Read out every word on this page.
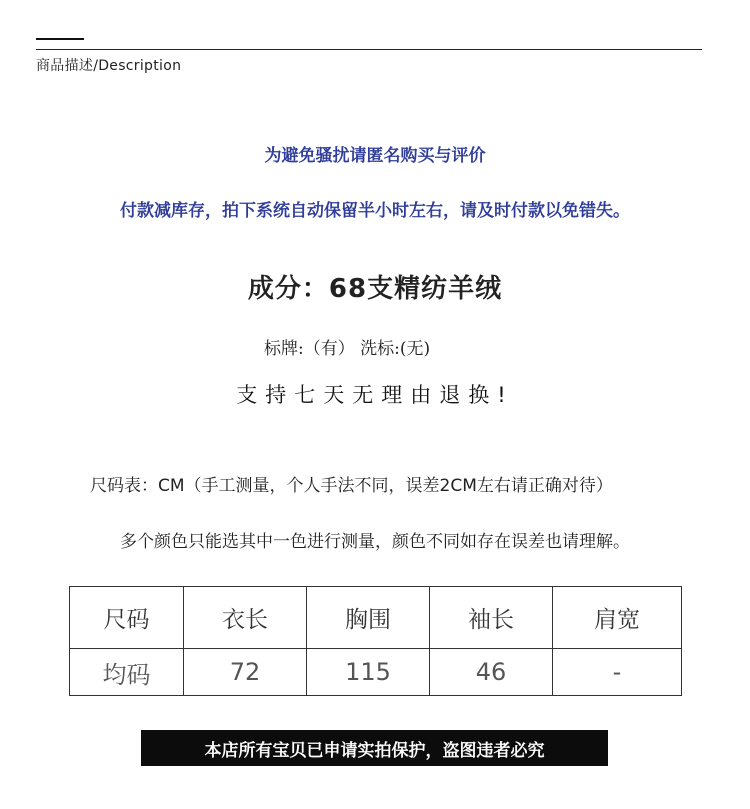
商品描述/Description
为避免骚扰请匿名购买与评价
付款减库存，拍下系统自动保留半小时左右，请及时付款以免错失。
成分：68支精纺羊绒
标牌:（有） 洗标:(无)
支持七天无理由退换!
尺码表：CM（手工测量，个人手法不同，误差2CM左右请正确对待）
多个颜色只能选其中一色进行测量，颜色不同如存在误差也请理解。
尺码	衣长	胸围	袖长	肩宽
均码	72	115	46	-
本店所有宝贝已申请实拍保护，盗图违者必究
